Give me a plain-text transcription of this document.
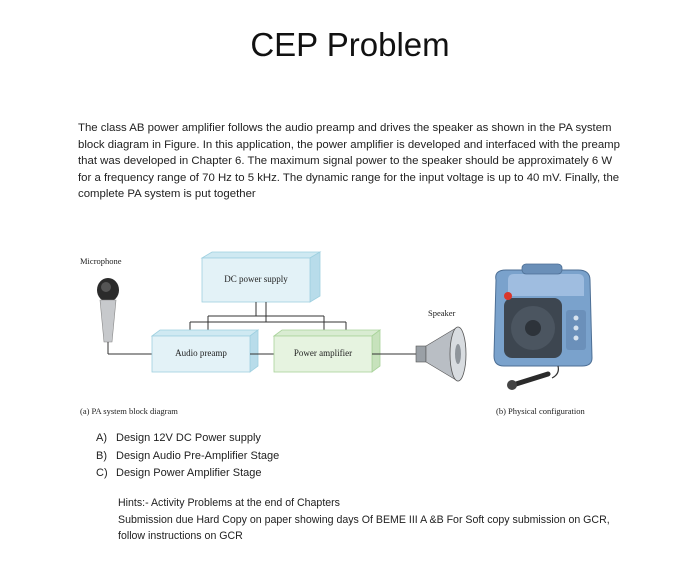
CEP Problem
The class AB power amplifier follows the audio preamp and drives the speaker as shown in the PA system block diagram in Figure. In this application, the power amplifier is developed and interfaced with the preamp that was developed in Chapter 6. The maximum signal power to the speaker should be approximately 6 W for a frequency range of 70 Hz to 5 kHz. The dynamic range for the input voltage is up to 40 mV. Finally, the complete PA system is put together
Microphone
DC power supply
Audio preamp	Power amplifier
Speaker
(a) PA system block diagram	(b) Physical configuration
A) Design 12V DC Power supply
B) Design Audio Pre-Amplifier Stage
C) Design Power Amplifier Stage
Hints:- Activity Problems at the end of Chapters
Submission due Hard Copy on paper showing days Of BEME III A &B For Soft copy submission on GCR, follow instructions on GCR
